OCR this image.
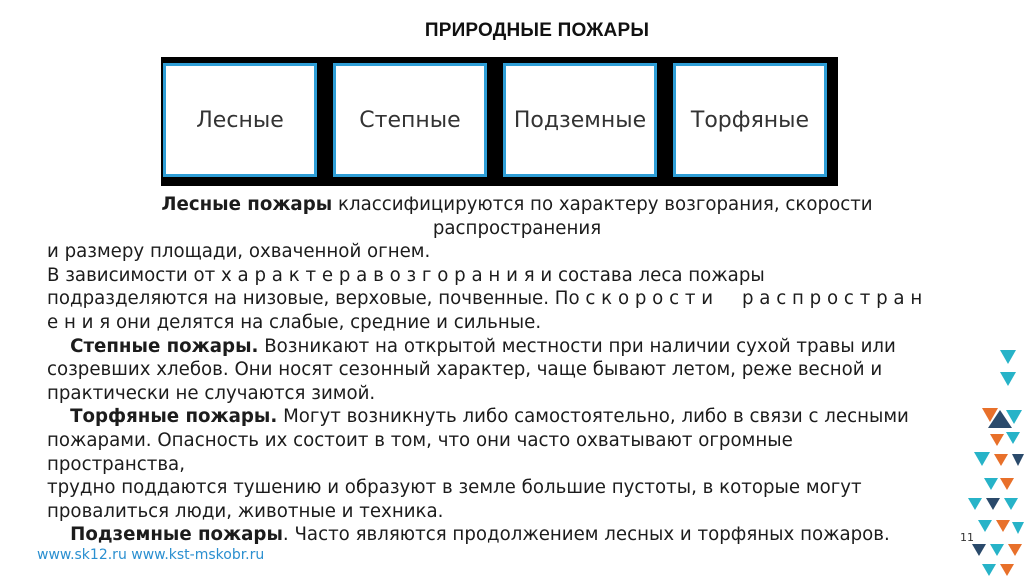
ПРИРОДНЫЕ ПОЖАРЫ
Лесные	Степные	Подземные	Торфяные
Лесные пожары классифицируются по характеру возгорания, скорости
распространения
и размеру площади, охваченной огнем.
В зависимости от х а р а к т е р а в о з г о р а н и я и состава леса пожары
подразделяются на низовые, верховые, почвенные. По с к о р о с т и     р а с п р о с т р а н
е н и я они делятся на слабые, средние и сильные.
Степные пожары. Возникают на открытой местности при наличии сухой травы или
созревших хлебов. Они носят сезонный характер, чаще бывают летом, реже весной и
практически не случаются зимой.
Торфяные пожары. Могут возникнуть либо самостоятельно, либо в связи с лесными
пожарами. Опасность их состоит в том, что они часто охватывают огромные
пространства,
трудно поддаются тушению и образуют в земле большие пустоты, в которые могут
провалиться люди, животные и техника.
Подземные пожары. Часто являются продолжением лесных и торфяных пожаров.
www.sk12.ru www.kst-mskobr.ru
11
